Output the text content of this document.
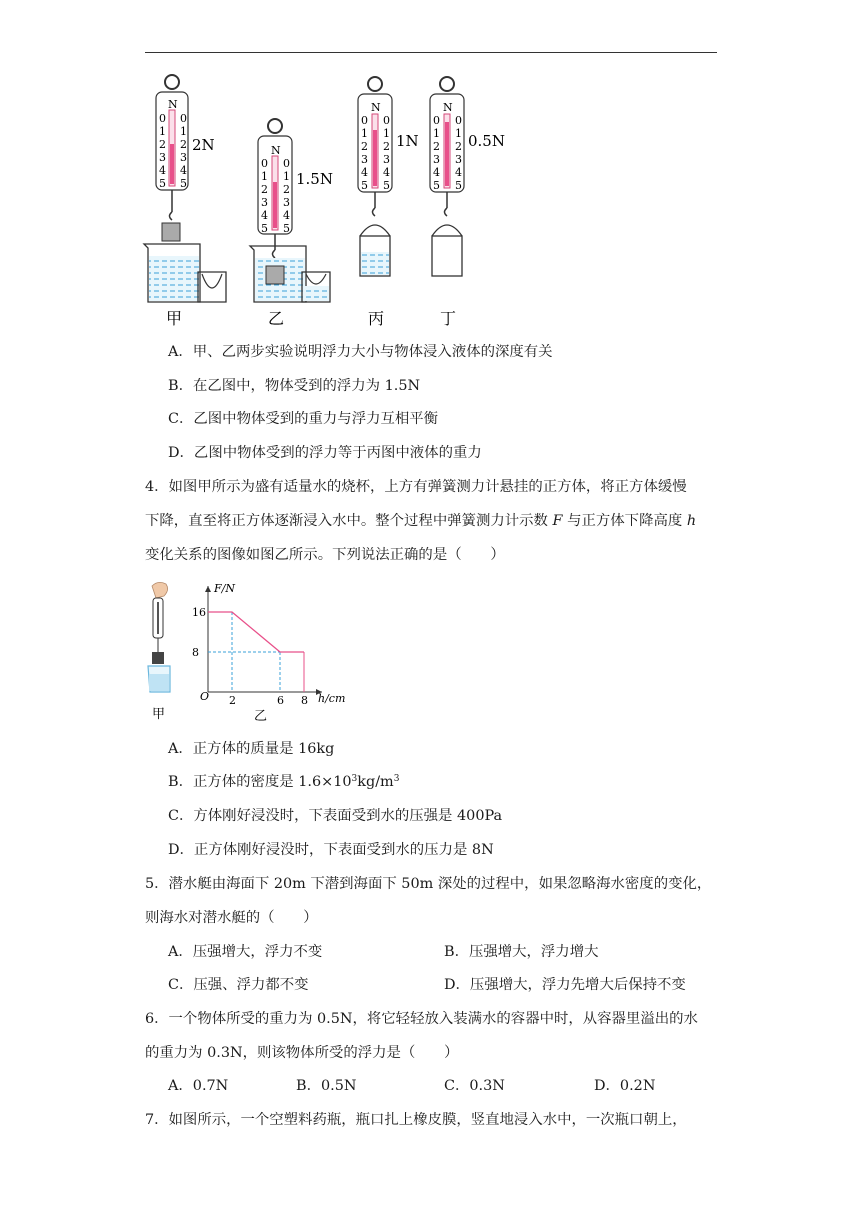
N
0 0
1 1
2 2
3 3
4 4
5 5
2N
甲
N
0 0
1 1
2 2
3 3
4 4
5 5
1.5N
乙
N
0 0
1 1
2 2
3 3
4 4
5 5
1N
丙
N
0 0
1 1
2 2
3 3
4 4
5 5
0.5N
丁
A．甲、乙两步实验说明浮力大小与物体浸入液体的深度有关
B．在乙图中，物体受到的浮力为 1.5N
C．乙图中物体受到的重力与浮力互相平衡
D．乙图中物体受到的浮力等于丙图中液体的重力
4．如图甲所示为盛有适量水的烧杯，上方有弹簧测力计悬挂的正方体，将正方体缓慢
下降，直至将正方体逐渐浸入水中。整个过程中弹簧测力计示数 F 与正方体下降高度 h
变化关系的图像如图乙所示。下列说法正确的是（　　）
甲
F/N
h/cm
O
乙
2	6 8
16
8
A．正方体的质量是 16kg
B．正方体的密度是 $1.6\times 10^3kg/m^3$
C．方体刚好浸没时，下表面受到水的压强是 400Pa
D．正方体刚好浸没时，下表面受到水的压力是 8N
5．潜水艇由海面下 20m 下潜到海面下 50m 深处的过程中，如果忽略海水密度的变化，
则海水对潜水艇的（　　）
A．压强增大，浮力不变	B．压强增大，浮力增大
C．压强、浮力都不变	D．压强增大，浮力先增大后保持不变
6．一个物体所受的重力为 0.5N，将它轻轻放入装满水的容器中时，从容器里溢出的水
的重力为 0.3N，则该物体所受的浮力是（　　）
A．0.7N	B．0.5N	C．0.3N	D．0.2N
7．如图所示，一个空塑料药瓶，瓶口扎上橡皮膜，竖直地浸入水中，一次瓶口朝上，
